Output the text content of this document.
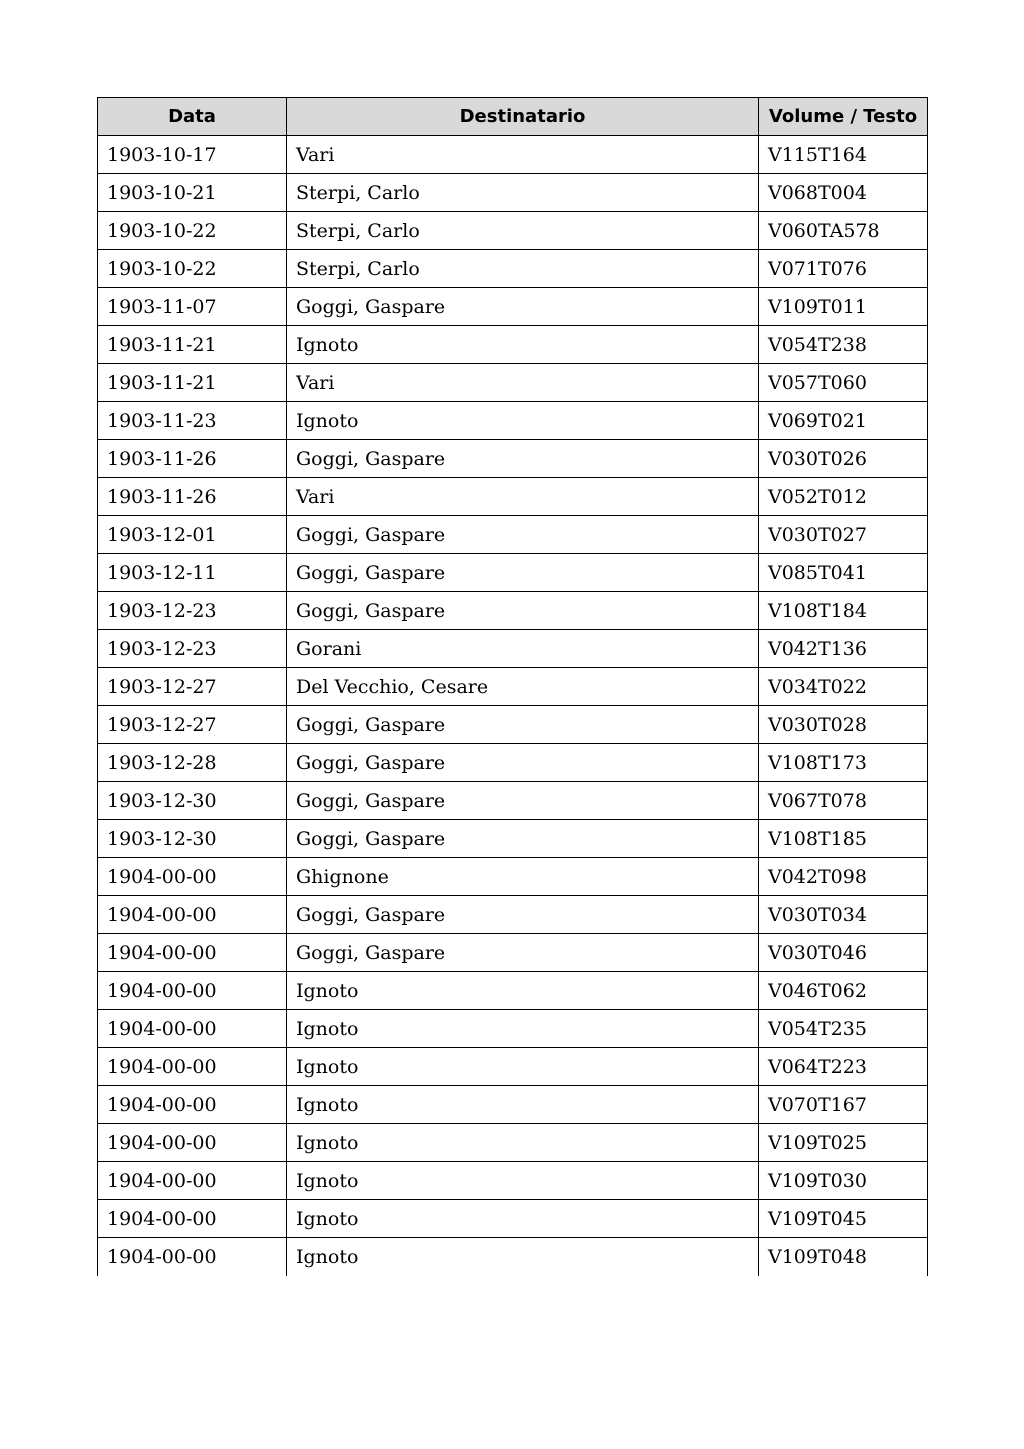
Data	Destinatario	Volume / Testo
1903-10-17	Vari	V115T164
1903-10-21	Sterpi, Carlo	V068T004
1903-10-22	Sterpi, Carlo	V060TA578
1903-10-22	Sterpi, Carlo	V071T076
1903-11-07	Goggi, Gaspare	V109T011
1903-11-21	Ignoto	V054T238
1903-11-21	Vari	V057T060
1903-11-23	Ignoto	V069T021
1903-11-26	Goggi, Gaspare	V030T026
1903-11-26	Vari	V052T012
1903-12-01	Goggi, Gaspare	V030T027
1903-12-11	Goggi, Gaspare	V085T041
1903-12-23	Goggi, Gaspare	V108T184
1903-12-23	Gorani	V042T136
1903-12-27	Del Vecchio, Cesare	V034T022
1903-12-27	Goggi, Gaspare	V030T028
1903-12-28	Goggi, Gaspare	V108T173
1903-12-30	Goggi, Gaspare	V067T078
1903-12-30	Goggi, Gaspare	V108T185
1904-00-00	Ghignone	V042T098
1904-00-00	Goggi, Gaspare	V030T034
1904-00-00	Goggi, Gaspare	V030T046
1904-00-00	Ignoto	V046T062
1904-00-00	Ignoto	V054T235
1904-00-00	Ignoto	V064T223
1904-00-00	Ignoto	V070T167
1904-00-00	Ignoto	V109T025
1904-00-00	Ignoto	V109T030
1904-00-00	Ignoto	V109T045
1904-00-00	Ignoto	V109T048
